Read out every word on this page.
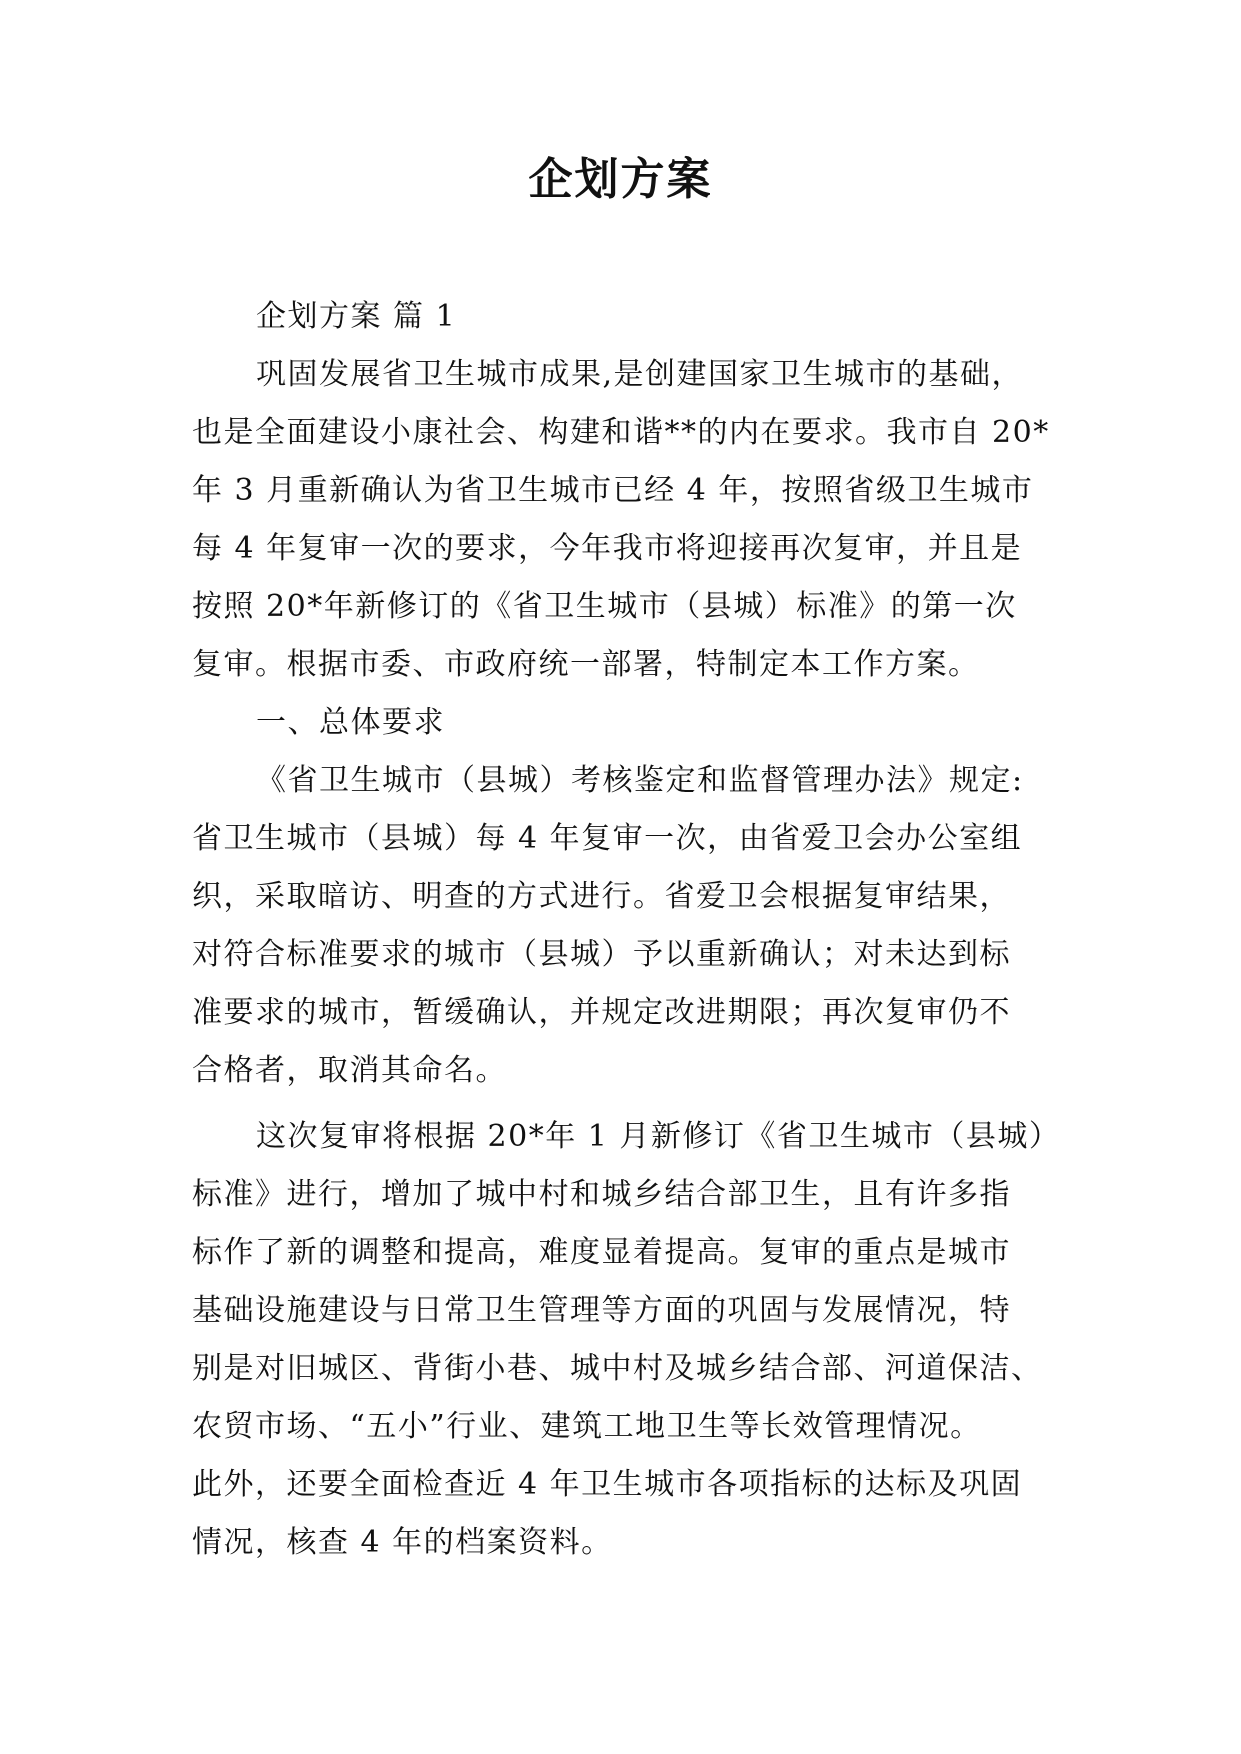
企划方案
企划方案 篇 1
巩固发展省卫生城市成果,是创建国家卫生城市的基础，
也是全面建设小康社会、构建和谐**的内在要求。我市自 20*
年 3 月重新确认为省卫生城市已经 4 年，按照省级卫生城市
每 4 年复审一次的要求，今年我市将迎接再次复审，并且是
按照 20*年新修订的《省卫生城市（县城）标准》的第一次
复审。根据市委、市政府统一部署，特制定本工作方案。
一、总体要求
《省卫生城市（县城）考核鉴定和监督管理办法》规定:
省卫生城市（县城）每 4 年复审一次，由省爱卫会办公室组
织，采取暗访、明查的方式进行。省爱卫会根据复审结果，
对符合标准要求的城市（县城）予以重新确认；对未达到标
准要求的城市，暂缓确认，并规定改进期限；再次复审仍不
合格者，取消其命名。
这次复审将根据 20*年 1 月新修订《省卫生城市（县城）
标准》进行，增加了城中村和城乡结合部卫生，且有许多指
标作了新的调整和提高，难度显着提高。复审的重点是城市
基础设施建设与日常卫生管理等方面的巩固与发展情况，特
别是对旧城区、背街小巷、城中村及城乡结合部、河道保洁、
农贸市场、“五小”行业、建筑工地卫生等长效管理情况。
此外，还要全面检查近 4 年卫生城市各项指标的达标及巩固
情况，核查 4 年的档案资料。
